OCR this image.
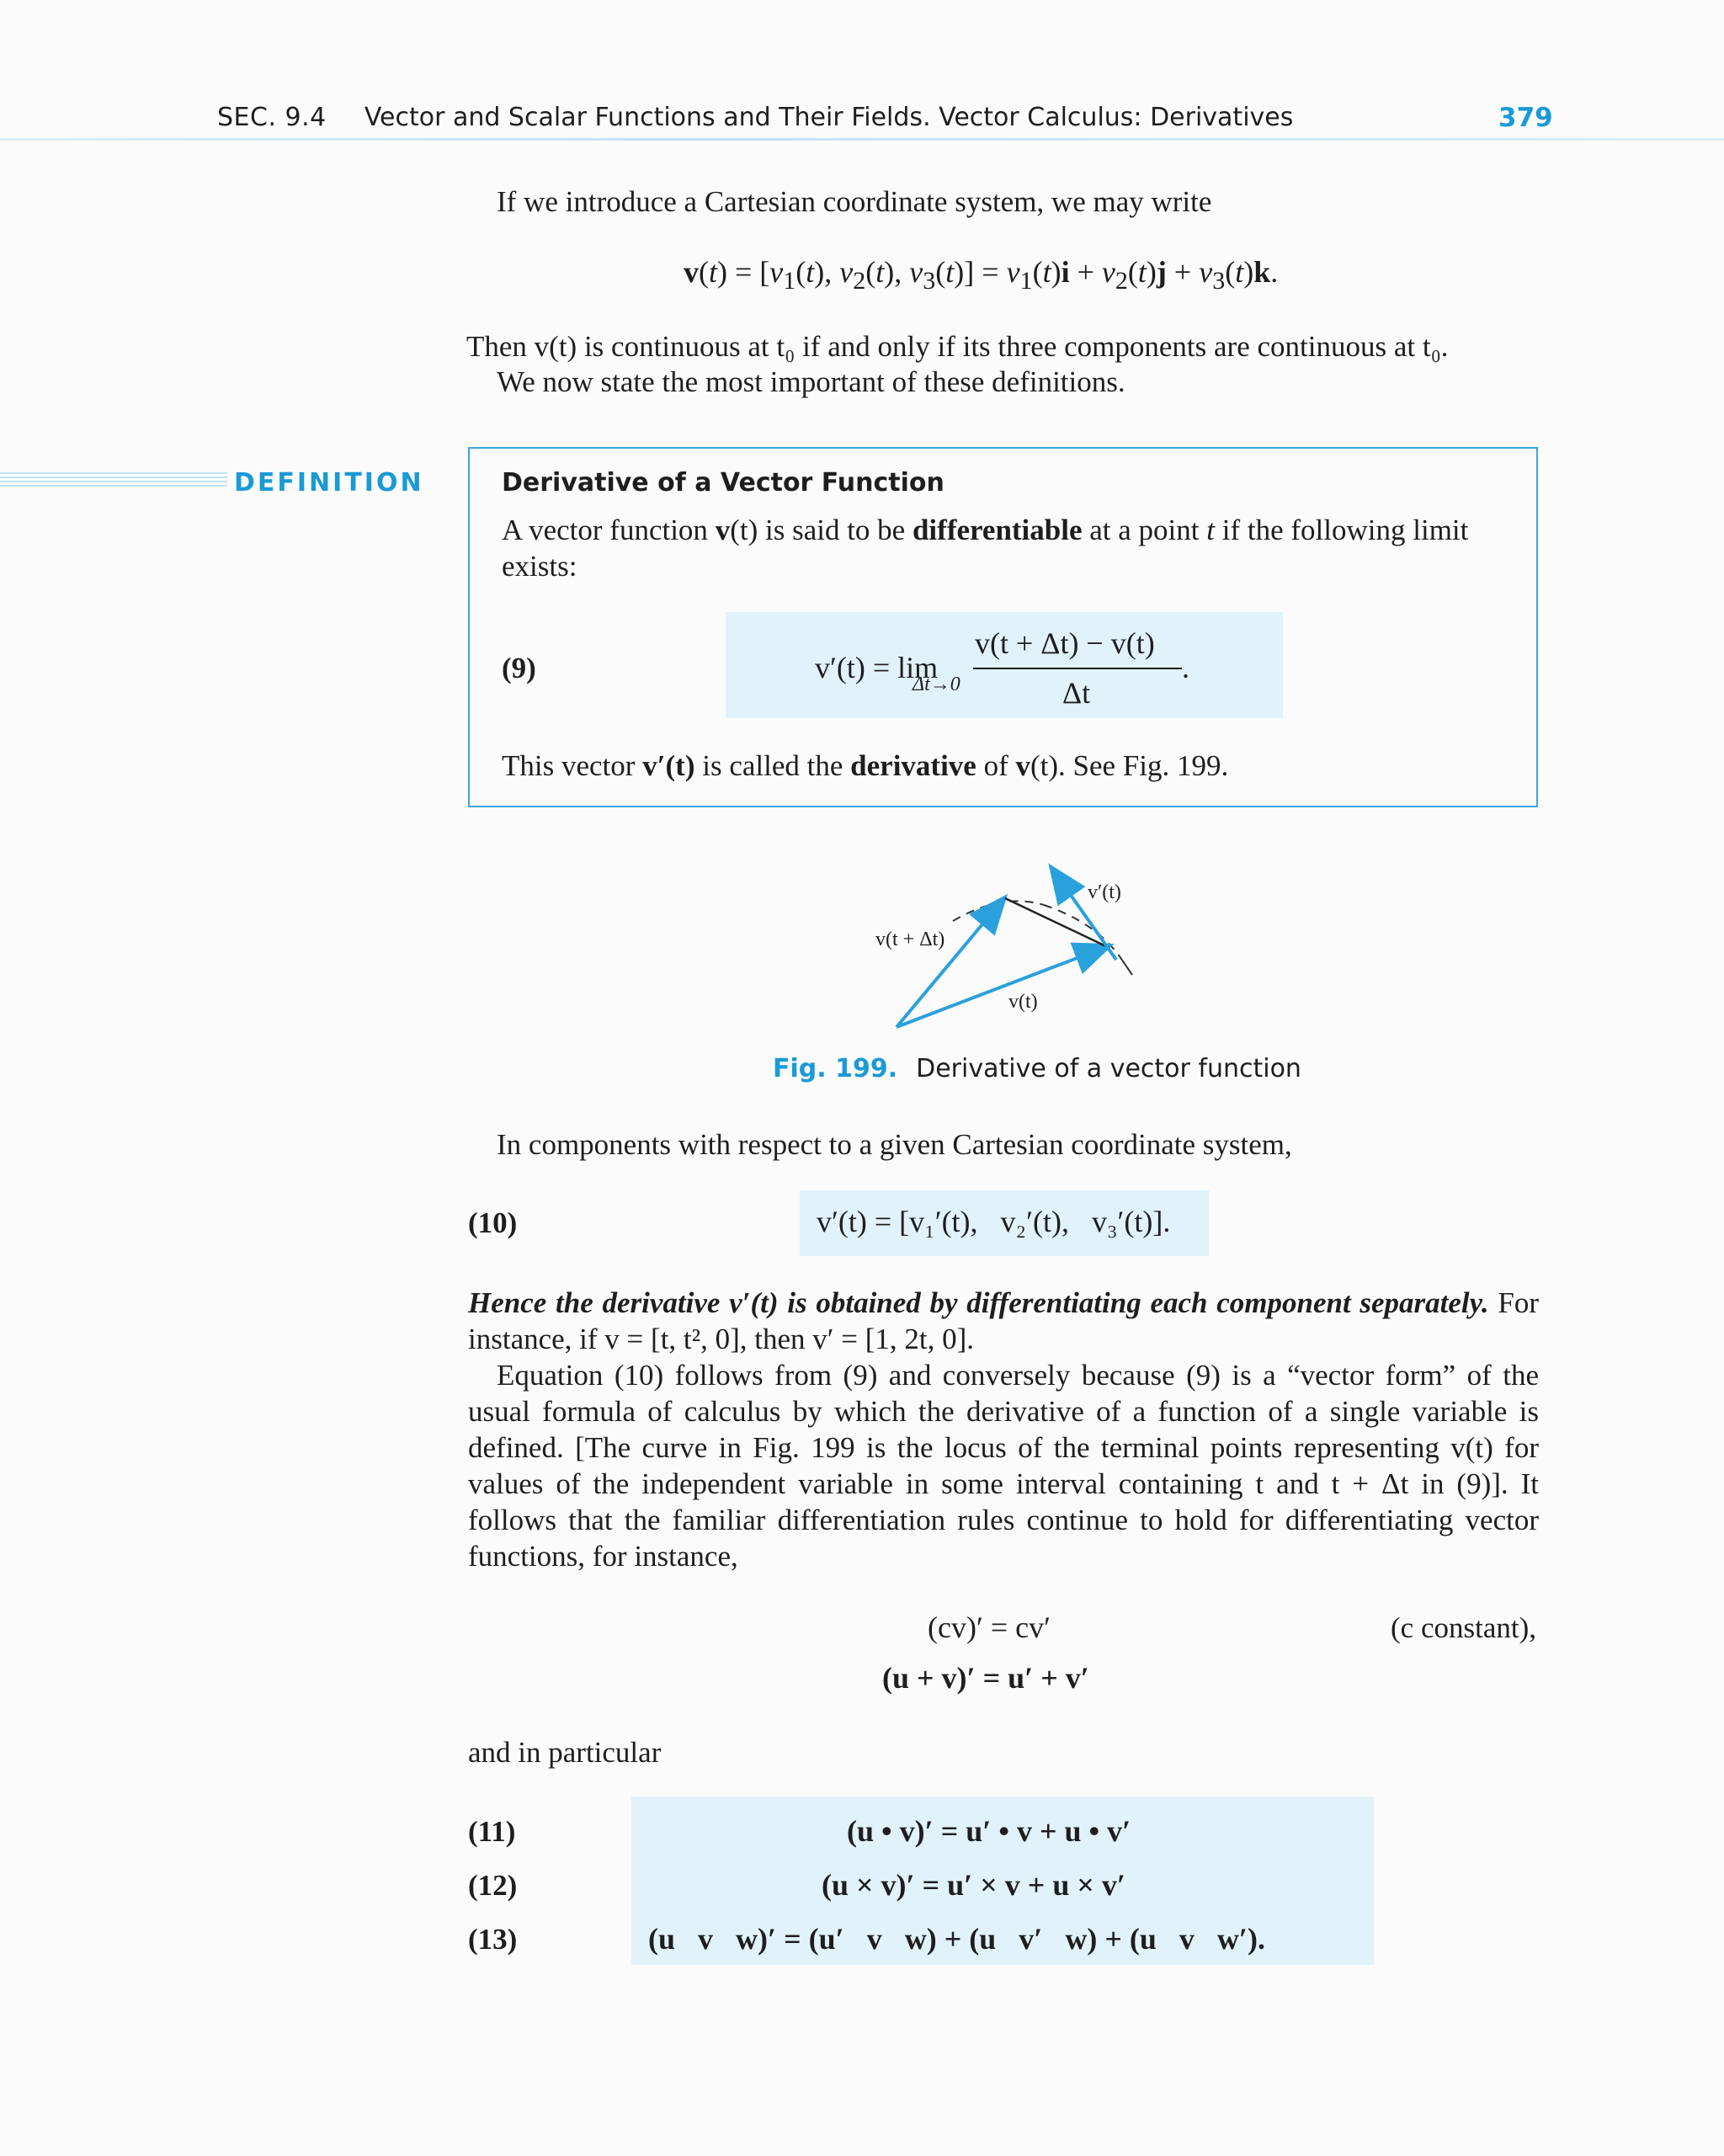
SEC. 9.4 Vector and Scalar Functions and Their Fields. Vector Calculus: Derivatives	379
If we introduce a Cartesian coordinate system, we may write
$v(t) = [v_1(t)$, $v_2(t)$, $v_3(t)] = v_1(t)i + v_2(t)j + v_3(t)k$.
Then v(t) is continuous at t₀ if and only if its three components are continuous at t₀.
We now state the most important of these definitions.
DEFINITION	Derivative of a Vector Function
A vector function v(t) is said to be differentiable at a point t if the following limit
exists:
(9)	v′(t) = lim
Δt→0
v(t + Δt) − v(t)
Δt
.
This vector v′(t) is called the derivative of v(t). See Fig. 199.
v(t + Δt)
v′(t)
v(t)
Fig. 199. Derivative of a vector function
In components with respect to a given Cartesian coordinate system,
(10)	v′(t) = [v₁′(t),   v₂′(t),   v₃′(t)].
Hence the derivative v′(t) is obtained by differentiating each component separately. For
instance, if v = [t, t², 0], then v′ = [1, 2t, 0].
Equation (10) follows from (9) and conversely because (9) is a “vector form” of the
usual formula of calculus by which the derivative of a function of a single variable is
defined. [The curve in Fig. 199 is the locus of the terminal points representing v(t) for
values of the independent variable in some interval containing t and t + Δt in (9)]. It
follows that the familiar differentiation rules continue to hold for differentiating vector
functions, for instance,
(cv)′ = cv′	(c constant),
(u + v)′ = u′ + v′
and in particular
(11)	(u • v)′ = u′ • v + u • v′
(12)	(u × v)′ = u′ × v + u × v′
(13)	(u   v   w)′ = (u′   v   w) + (u   v′   w) + (u   v   w′).
